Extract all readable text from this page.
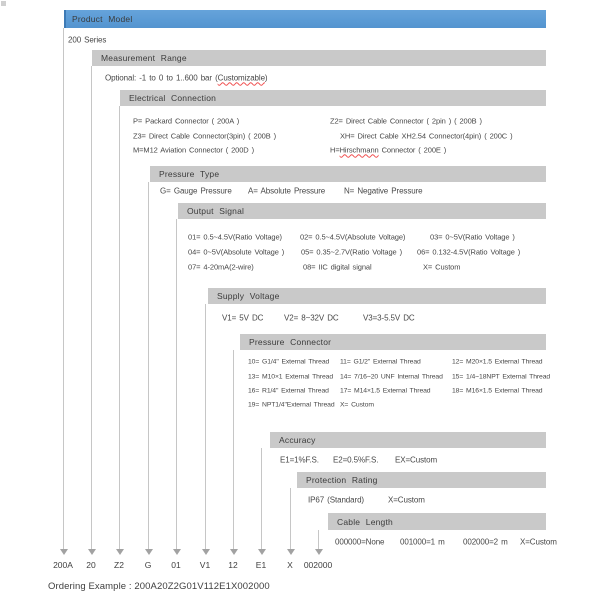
Ordering Example : 200A20Z2G01V112E1X002000
Product Model
200 Series
200A
Measurement Range
Optional: -1 to 0 to 1..600 bar (Customizable)
20
Electrical Connection
P= Packard Connector ( 200A )	Z2= Direct Cable Connector ( 2pin ) ( 200B )
Z3= Direct Cable Connector(3pin) ( 200B )	XH= Direct Cable XH2.54 Connector(4pin) ( 200C )
M=M12 Aviation Connector ( 200D )	H=Hirschmann Connector ( 200E )
Z2
Pressure Type
G= Gauge Pressure A= Absolute Pressure N= Negative Pressure
G
Output Signal
01= 0.5~4.5V(Ratio Voltage) 02= 0.5~4.5V(Absolute Voltage)	03= 0~5V(Ratio Voltage )
04= 0~5V(Absolute Voltage ) 05= 0.35~2.7V(Ratio Voltage ) 06= 0.132-4.5V(Ratio Voltage )
07= 4-20mA(2-wire)	08= IIC digital signal	X= Custom
01
Supply Voltage
V1= 5V DC	V2= 8~32V DC	V3=3-5.5V DC
V1
Pressure Connector
10= G1/4" External Thread 11= G1/2" External Thread	12= M20×1.5 External Thread
13= M10×1 External Thread 14= 7/16~20 UNF Internal Thread 15= 1/4~18NPT External Thread
16= R1/4" External Thread 17= M14×1.5 External Thread	18= M16×1.5 External Thread
19= NPT1/4"External Thread X= Custom
12
Accuracy
E1=1%F.S. E2=0.5%F.S. EX=Custom
E1
Protection Rating
IP67 (Standard)	X=Custom
X
Cable Length
000000=None 001000=1 m 002000=2 m X=Custom
002000
